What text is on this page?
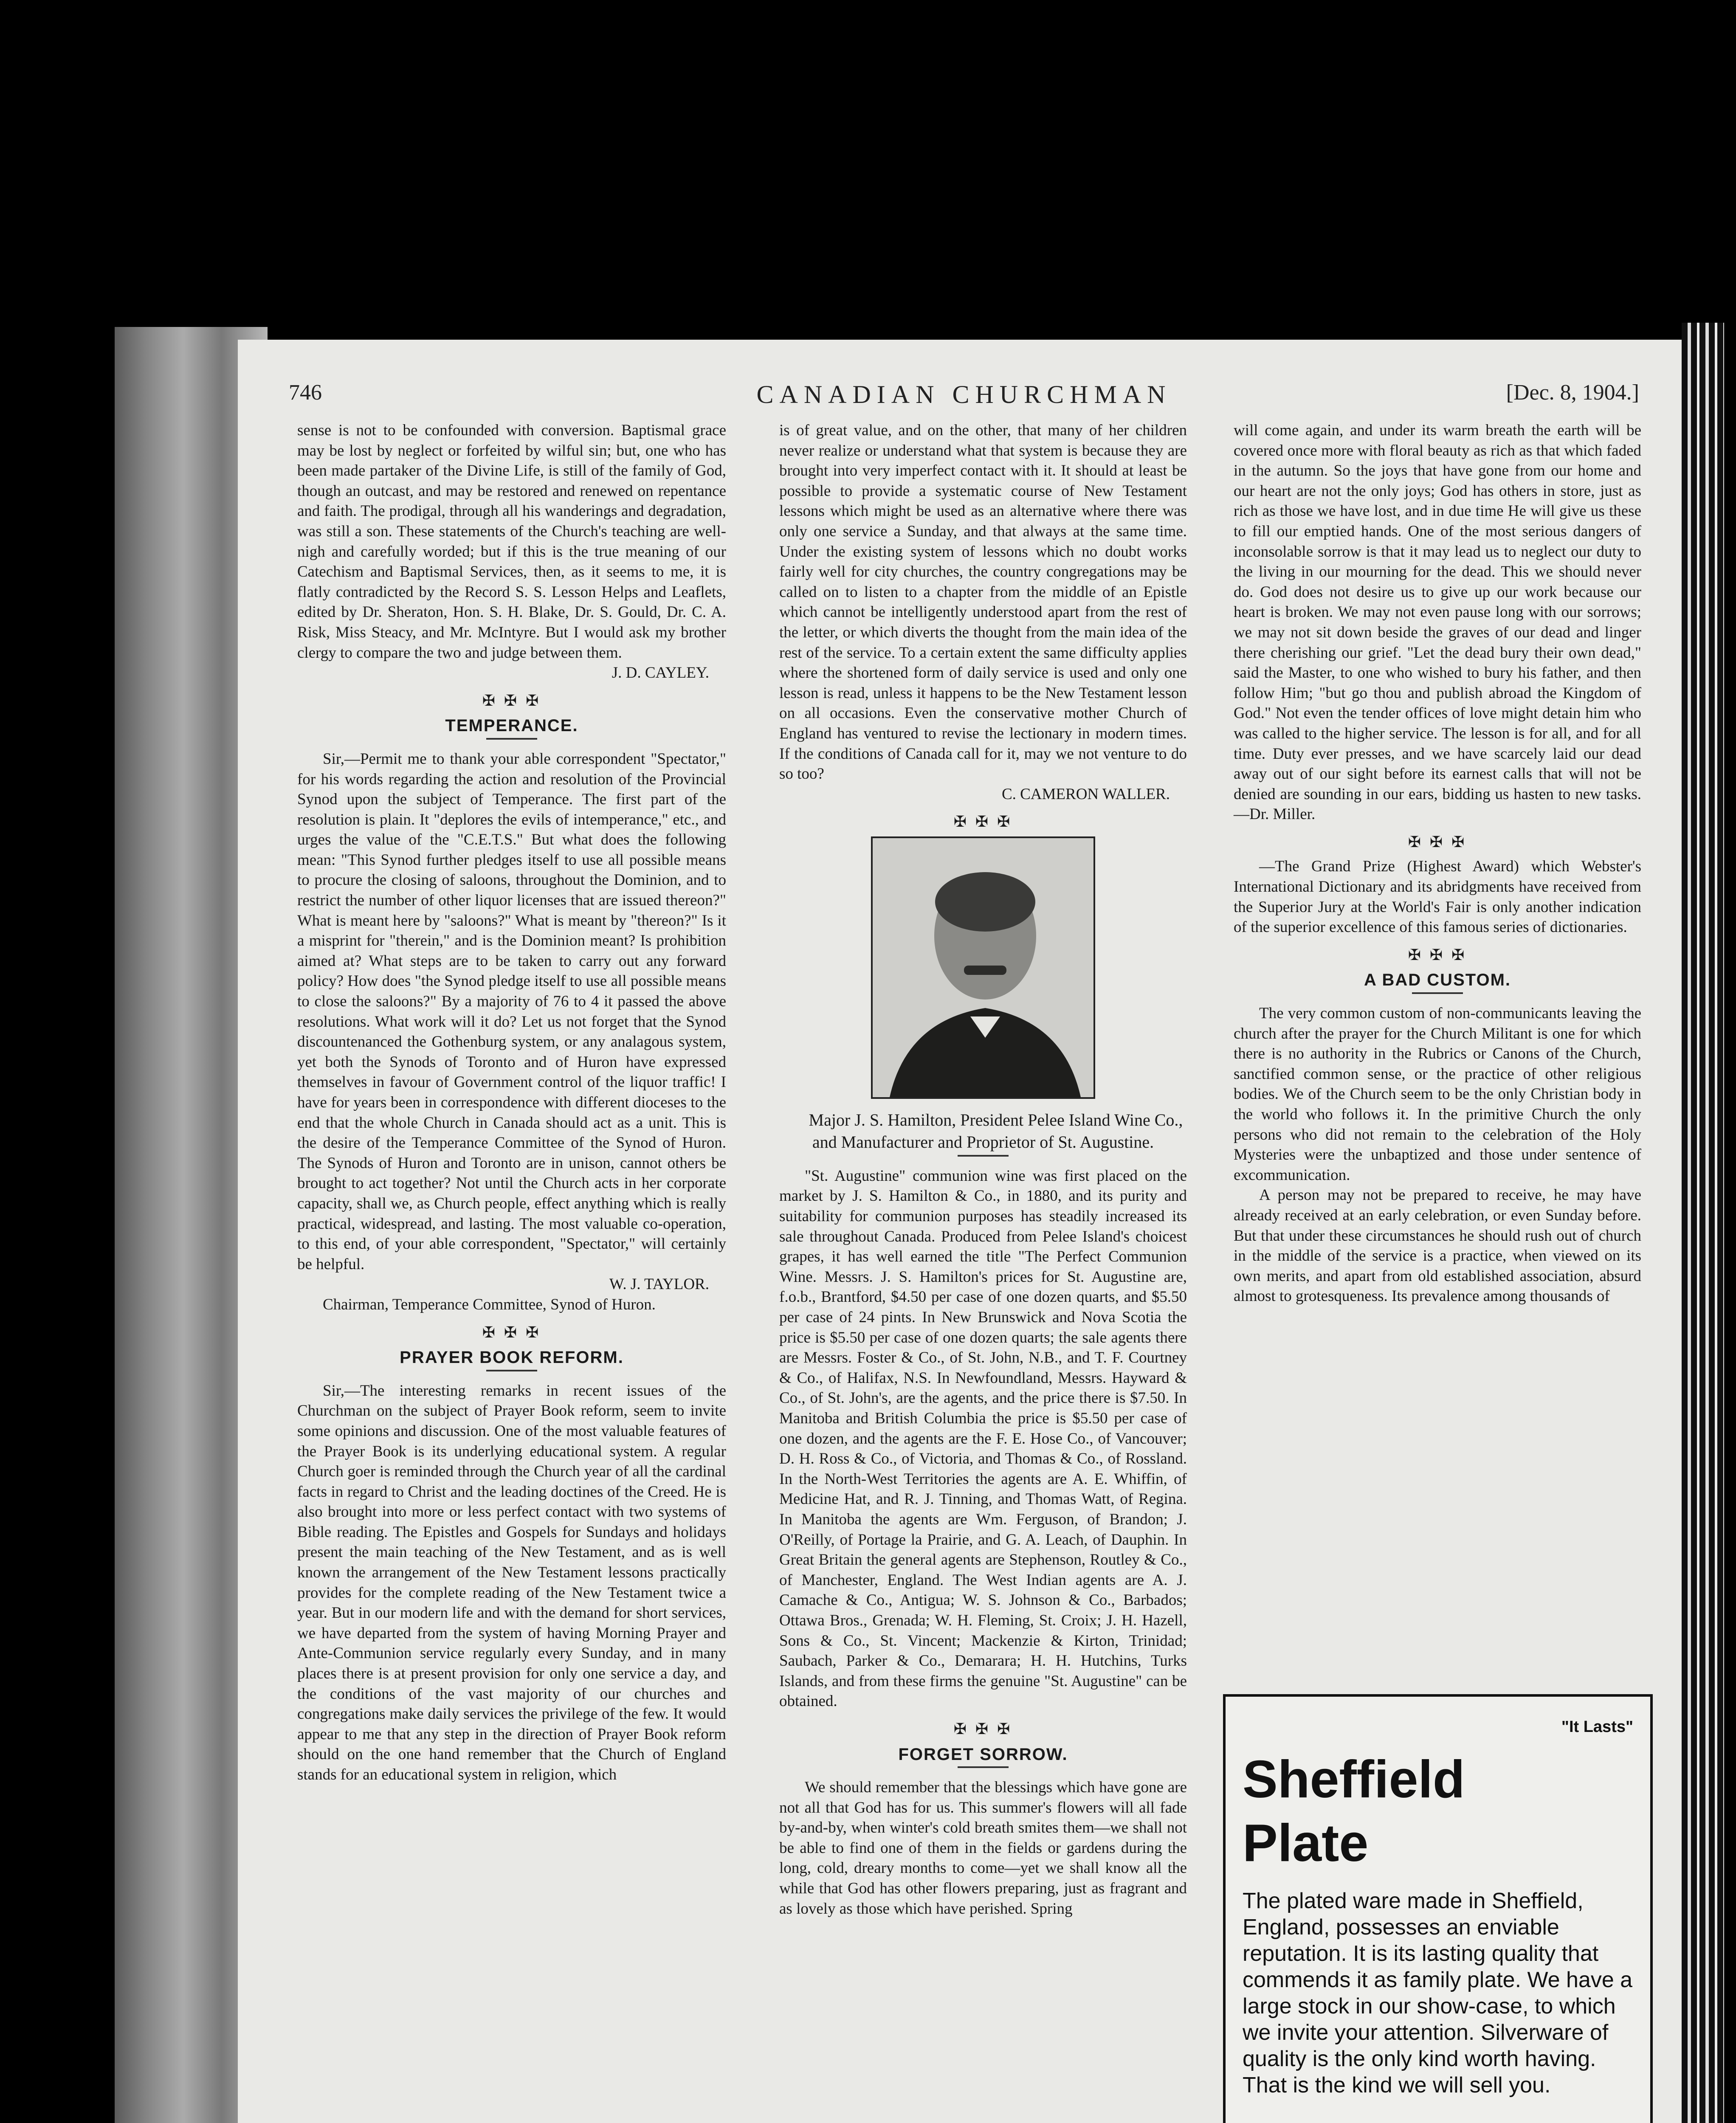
746	CANADIAN CHURCHMAN	[Dec. 8, 1904.]

sense is not to be confounded with conversion. Baptismal grace may be lost by neglect or forfeited by wilful sin; but, one who has been made partaker of the Divine Life, is still of the family of God, though an outcast, and may be restored and renewed on repentance and faith. The prodigal, through all his wanderings and degradation, was still a son. These statements of the Church's teaching are well-nigh and carefully worded; but if this is the true meaning of our Catechism and Baptismal Services, then, as it seems to me, it is flatly contradicted by the Record S. S. Lesson Helps and Leaflets, edited by Dr. Sheraton, Hon. S. H. Blake, Dr. S. Gould, Dr. C. A. Risk, Miss Steacy, and Mr. McIntyre. But I would ask my brother clergy to compare the two and judge between them.

J. D. CAYLEY.

✠ ✠ ✠
TEMPERANCE.

Sir,—Permit me to thank your able correspondent "Spectator," for his words regarding the action and resolution of the Provincial Synod upon the subject of Temperance. The first part of the resolution is plain. It "deplores the evils of intemperance," etc., and urges the value of the "C.E.T.S." But what does the following mean: "This Synod further pledges itself to use all possible means to procure the closing of saloons, throughout the Dominion, and to restrict the number of other liquor licenses that are issued thereon?" What is meant here by "saloons?" What is meant by "thereon?" Is it a misprint for "therein," and is the Dominion meant? Is prohibition aimed at? What steps are to be taken to carry out any forward policy? How does "the Synod pledge itself to use all possible means to close the saloons?" By a majority of 76 to 4 it passed the above resolutions. What work will it do? Let us not forget that the Synod discountenanced the Gothenburg system, or any analagous system, yet both the Synods of Toronto and of Huron have expressed themselves in favour of Government control of the liquor traffic! I have for years been in correspondence with different dioceses to the end that the whole Church in Canada should act as a unit. This is the desire of the Temperance Committee of the Synod of Huron. The Synods of Huron and Toronto are in unison, cannot others be brought to act together? Not until the Church acts in her corporate capacity, shall we, as Church people, effect anything which is really practical, widespread, and lasting. The most valuable co-operation, to this end, of your able correspondent, "Spectator," will certainly be helpful.

W. J. TAYLOR.

Chairman, Temperance Committee, Synod of Huron.

✠ ✠ ✠
PRAYER BOOK REFORM.

Sir,—The interesting remarks in recent issues of the Churchman on the subject of Prayer Book reform, seem to invite some opinions and discussion. One of the most valuable features of the Prayer Book is its underlying educational system. A regular Church goer is reminded through the Church year of all the cardinal facts in regard to Christ and the leading doctines of the Creed. He is also brought into more or less perfect contact with two systems of Bible reading. The Epistles and Gospels for Sundays and holidays present the main teaching of the New Testament, and as is well known the arrangement of the New Testament lessons practically provides for the complete reading of the New Testament twice a year. But in our modern life and with the demand for short services, we have departed from the system of having Morning Prayer and Ante-Communion service regularly every Sunday, and in many places there is at present provision for only one service a day, and the conditions of the vast majority of our churches and congregations make daily services the privilege of the few. It would appear to me that any step in the direction of Prayer Book reform should on the one hand remember that the Church of England stands for an educational system in religion, which

is of great value, and on the other, that many of her children never realize or understand what that system is because they are brought into very imperfect contact with it. It should at least be possible to provide a systematic course of New Testament lessons which might be used as an alternative where there was only one service a Sunday, and that always at the same time. Under the existing system of lessons which no doubt works fairly well for city churches, the country congregations may be called on to listen to a chapter from the middle of an Epistle which cannot be intelligently understood apart from the rest of the letter, or which diverts the thought from the main idea of the rest of the service. To a certain extent the same difficulty applies where the shortened form of daily service is used and only one lesson is read, unless it happens to be the New Testament lesson on all occasions. Even the conservative mother Church of England has ventured to revise the lectionary in modern times. If the conditions of Canada call for it, may we not venture to do so too?

C. CAMERON WALLER.

✠ ✠ ✠

Major J. S. Hamilton, President Pelee Island Wine Co., and Manufacturer and Proprietor of St. Augustine.

"St. Augustine" communion wine was first placed on the market by J. S. Hamilton & Co., in 1880, and its purity and suitability for communion purposes has steadily increased its sale throughout Canada. Produced from Pelee Island's choicest grapes, it has well earned the title "The Perfect Communion Wine. Messrs. J. S. Hamilton's prices for St. Augustine are, f.o.b., Brantford, $4.50 per case of one dozen quarts, and $5.50 per case of 24 pints. In New Brunswick and Nova Scotia the price is $5.50 per case of one dozen quarts; the sale agents there are Messrs. Foster & Co., of St. John, N.B., and T. F. Courtney & Co., of Halifax, N.S. In Newfoundland, Messrs. Hayward & Co., of St. John's, are the agents, and the price there is $7.50. In Manitoba and British Columbia the price is $5.50 per case of one dozen, and the agents are the F. E. Hose Co., of Vancouver; D. H. Ross & Co., of Victoria, and Thomas & Co., of Rossland. In the North-West Territories the agents are A. E. Whiffin, of Medicine Hat, and R. J. Tinning, and Thomas Watt, of Regina. In Manitoba the agents are Wm. Ferguson, of Brandon; J. O'Reilly, of Portage la Prairie, and G. A. Leach, of Dauphin. In Great Britain the general agents are Stephenson, Routley & Co., of Manchester, England. The West Indian agents are A. J. Camache & Co., Antigua; W. S. Johnson & Co., Barbados; Ottawa Bros., Grenada; W. H. Fleming, St. Croix; J. H. Hazell, Sons & Co., St. Vincent; Mackenzie & Kirton, Trinidad; Saubach, Parker & Co., Demarara; H. H. Hutchins, Turks Islands, and from these firms the genuine "St. Augustine" can be obtained.

✠ ✠ ✠
FORGET SORROW.

We should remember that the blessings which have gone are not all that God has for us. This summer's flowers will all fade by-and-by, when winter's cold breath smites them—we shall not be able to find one of them in the fields or gardens during the long, cold, dreary months to come—yet we shall know all the while that God has other flowers preparing, just as fragrant and as lovely as those which have perished. Spring

will come again, and under its warm breath the earth will be covered once more with floral beauty as rich as that which faded in the autumn. So the joys that have gone from our home and our heart are not the only joys; God has others in store, just as rich as those we have lost, and in due time He will give us these to fill our emptied hands. One of the most serious dangers of inconsolable sorrow is that it may lead us to neglect our duty to the living in our mourning for the dead. This we should never do. God does not desire us to give up our work because our heart is broken. We may not even pause long with our sorrows; we may not sit down beside the graves of our dead and linger there cherishing our grief. "Let the dead bury their own dead," said the Master, to one who wished to bury his father, and then follow Him; "but go thou and publish abroad the Kingdom of God." Not even the tender offices of love might detain him who was called to the higher service. The lesson is for all, and for all time. Duty ever presses, and we have scarcely laid our dead away out of our sight before its earnest calls that will not be denied are sounding in our ears, bidding us hasten to new tasks.—Dr. Miller.

✠ ✠ ✠

—The Grand Prize (Highest Award) which Webster's International Dictionary and its abridgments have received from the Superior Jury at the World's Fair is only another indication of the superior excellence of this famous series of dictionaries.

✠ ✠ ✠
A BAD CUSTOM.

The very common custom of non-communicants leaving the church after the prayer for the Church Militant is one for which there is no authority in the Rubrics or Canons of the Church, sanctified common sense, or the practice of other religious bodies. We of the Church seem to be the only Christian body in the world who follows it. In the primitive Church the only persons who did not remain to the celebration of the Holy Mysteries were the unbaptized and those under sentence of excommunication.

A person may not be prepared to receive, he may have already received at an early celebration, or even Sunday before. But that under these circumstances he should rush out of church in the middle of the service is a practice, when viewed on its own merits, and apart from old established association, absurd almost to grotesqueness. Its prevalence among thousands of

"It Lasts"
Sheffield
Plate
The plated ware made in Sheffield, England, possesses an enviable reputation. It is its lasting quality that commends it as family plate. We have a large stock in our show-case, to which we invite your attention. Silverware of quality is the only kind worth having. That is the kind we will sell you.
